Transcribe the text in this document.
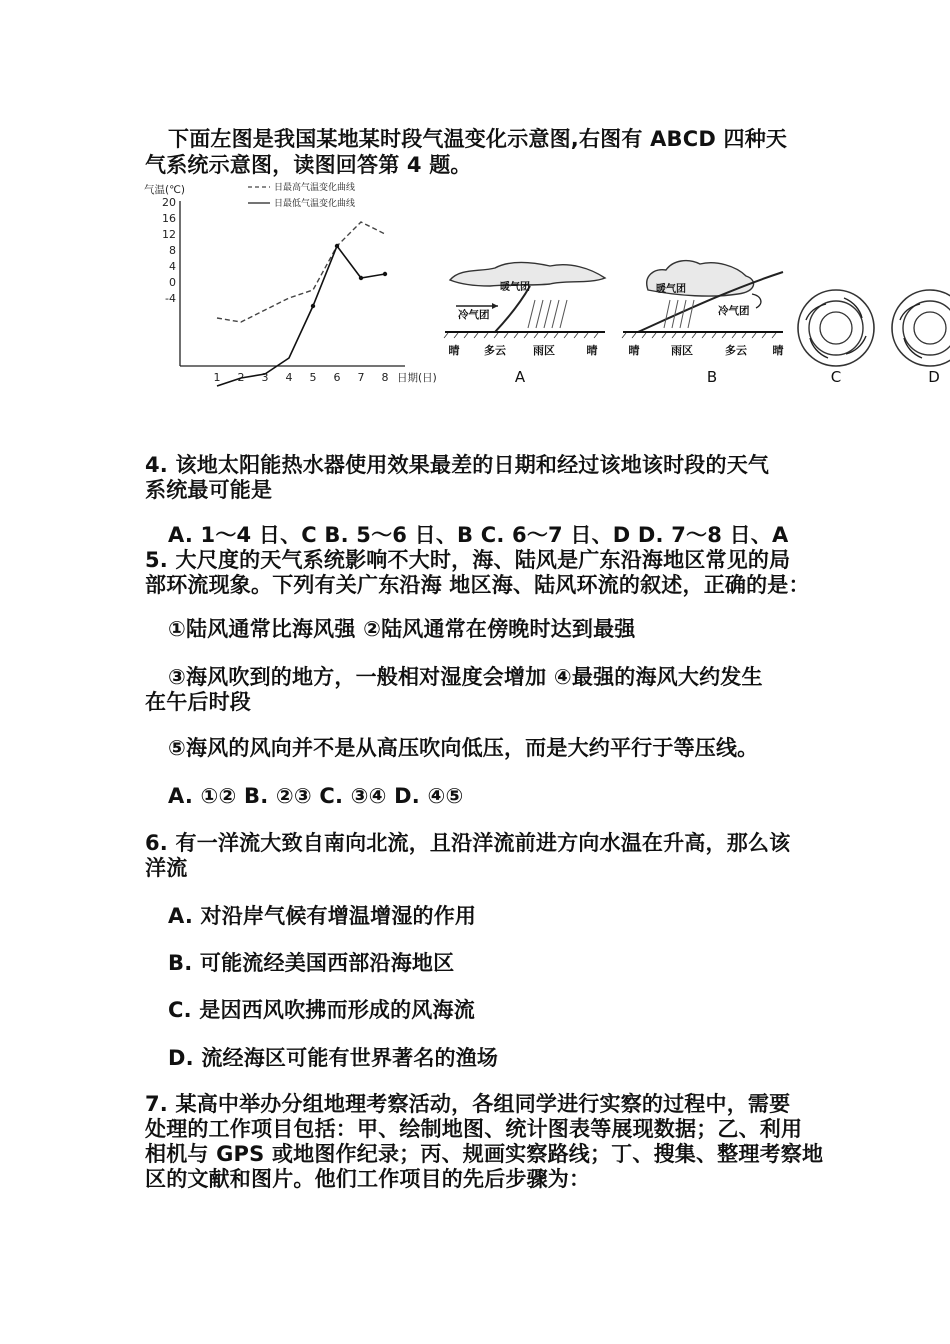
下面左图是我国某地某时段气温变化示意图,右图有 ABCD 四种天
气系统示意图，读图回答第 4 题。
气温(℃)	日最高气温变化曲线
日最低气温变化曲线
20
16
12
8
4
0
-4
1 2 3 4 5 6 7 8 日期(日)
暖气团
冷气团
晴 多云 雨区	晴
A
暖气团
冷气团
晴	雨区	多云 晴
B	C	D
4. 该地太阳能热水器使用效果最差的日期和经过该地该时段的天气
系统最可能是
A. 1～4 日、C B. 5～6 日、B C. 6～7 日、D D. 7～8 日、A
5. 大尺度的天气系统影响不大时，海、陆风是广东沿海地区常见的局
部环流现象。下列有关广东沿海 地区海、陆风环流的叙述，正确的是：
①陆风通常比海风强 ②陆风通常在傍晚时达到最强
③海风吹到的地方，一般相对湿度会增加 ④最强的海风大约发生
在午后时段
⑤海风的风向并不是从高压吹向低压，而是大约平行于等压线。
A. ①② B. ②③ C. ③④ D. ④⑤
6. 有一洋流大致自南向北流，且沿洋流前进方向水温在升高，那么该
洋流
A. 对沿岸气候有增温增湿的作用
B. 可能流经美国西部沿海地区
C. 是因西风吹拂而形成的风海流
D. 流经海区可能有世界著名的渔场
7. 某高中举办分组地理考察活动，各组同学进行实察的过程中，需要
处理的工作项目包括：甲、绘制地图、统计图表等展现数据；乙、利用
相机与 GPS 或地图作纪录；丙、规画实察路线；丁、搜集、整理考察地
区的文献和图片。他们工作项目的先后步骤为：
